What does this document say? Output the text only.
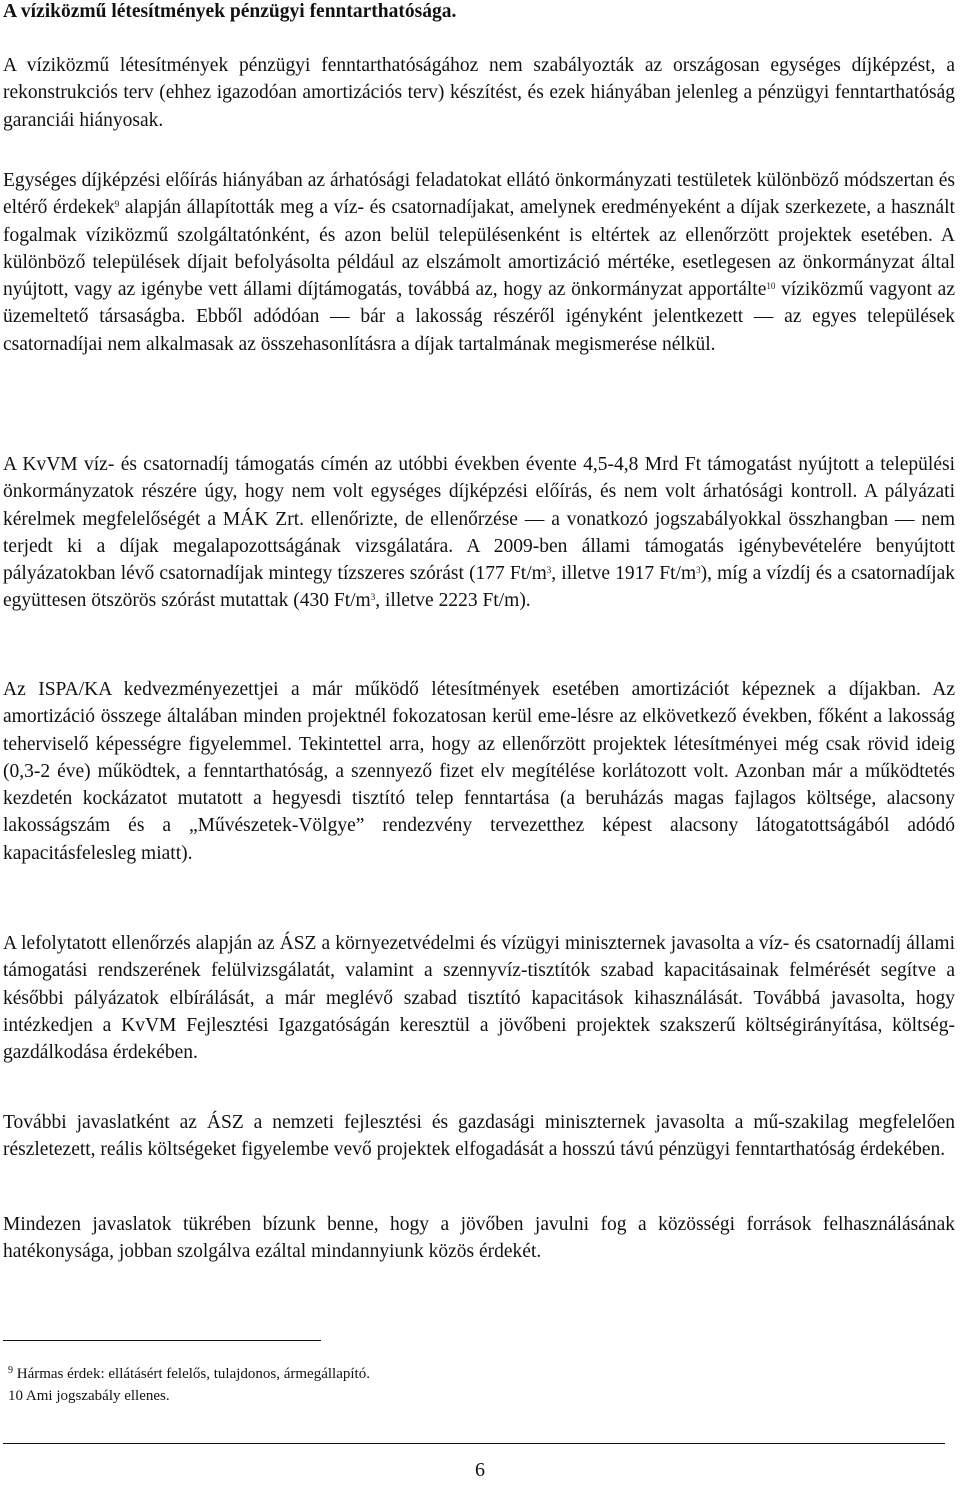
A víziközmű létesítmények pénzügyi fenntarthatósága.

A víziközmű létesítmények pénzügyi fenntarthatóságához nem szabályozták az országosan egységes díjképzést, a rekonstrukciós terv (ehhez igazodóan amortizációs terv) készítést, és ezek hiányában jelenleg a pénzügyi fenntarthatóság garanciái hiányosak.

Egységes díjképzési előírás hiányában az árhatósági feladatokat ellátó önkormányzati testületek különböző módszertan és eltérő érdekek$^9$ alapján állapították meg a víz- és csatornadíjakat, amelynek eredményeként a díjak szerkezete, a használt fogalmak víziközmű szolgáltatónként, és azon belül településenként is eltértek az ellenőrzött projektek esetében. A különböző települések díjait befolyásolta például az elszámolt amortizáció mértéke, esetlegesen az önkormányzat által nyújtott, vagy az igénybe vett állami díjtámogatás, továbbá az, hogy az önkormányzat apportálte$^{10}$ víziközmű vagyont az üzemeltető társaságba. Ebből adódóan — bár a lakosság részéről igényként jelentkezett — az egyes települések csatornadíjai nem alkalmasak az összehasonlításra a díjak tartalmának megismerése nélkül.

A KvVM víz- és csatornadíj támogatás címén az utóbbi években évente 4,5-4,8 Mrd Ft támogatást nyújtott a települési önkormányzatok részére úgy, hogy nem volt egységes díjképzési előírás, és nem volt árhatósági kontroll. A pályázati kérelmek megfelelőségét a MÁK Zrt. ellenőrizte, de ellenőrzése — a vonatkozó jogszabályokkal összhangban — nem terjedt ki a díjak megalapozottságának vizsgálatára. A 2009-ben állami támogatás igénybevételére benyújtott pályázatokban lévő csatornadíjak mintegy tízszeres szórást (177 Ft/m$^3$, illetve 1917 Ft/m$^3$), míg a vízdíj és a csatornadíjak együttesen ötszörös szórást mutattak (430 Ft/m$^3$, illetve 2223 Ft/m).

Az ISPA/KA kedvezményezettjei a már működő létesítmények esetében amortizációt képeznek a díjakban. Az amortizáció összege általában minden projektnél fokozatosan kerül eme-lésre az elkövetkező években, főként a lakosság teherviselő képességre figyelemmel. Tekintettel arra, hogy az ellenőrzött projektek létesítményei még csak rövid ideig (0,3-2 éve) működtek, a fenntarthatóság, a szennyező fizet elv megítélése korlátozott volt. Azonban már a működtetés kezdetén kockázatot mutatott a hegyesdi tisztító telep fenntartása (a beruházás magas fajlagos költsége, alacsony lakosságszám és a „Művészetek-Völgye” rendezvény tervezetthez képest alacsony látogatottságából adódó kapacitásfelesleg miatt).

A lefolytatott ellenőrzés alapján az ÁSZ a környezetvédelmi és vízügyi miniszternek javasolta a víz- és csatornadíj állami támogatási rendszerének felülvizsgálatát, valamint a szennyvíz-tisztítók szabad kapacitásainak felmérését segítve a későbbi pályázatok elbírálását, a már meglévő szabad tisztító kapacitások kihasználását. Továbbá javasolta, hogy intézkedjen a KvVM Fejlesztési Igazgatóságán keresztül a jövőbeni projektek szakszerű költségirányítása, költség-gazdálkodása érdekében.

További javaslatként az ÁSZ a nemzeti fejlesztési és gazdasági miniszternek javasolta a mű-szakilag megfelelően részletezett, reális költségeket figyelembe vevő projektek elfogadását a hosszú távú pénzügyi fenntarthatóság érdekében.

Mindezen javaslatok tükrében bízunk benne, hogy a jövőben javulni fog a közösségi források felhasználásának hatékonysága, jobban szolgálva ezáltal mindannyiunk közös érdekét.

$^9$ Hármas érdek: ellátásért felelős, tulajdonos, ármegállapító.

10 Ami jogszabály ellenes.

6
